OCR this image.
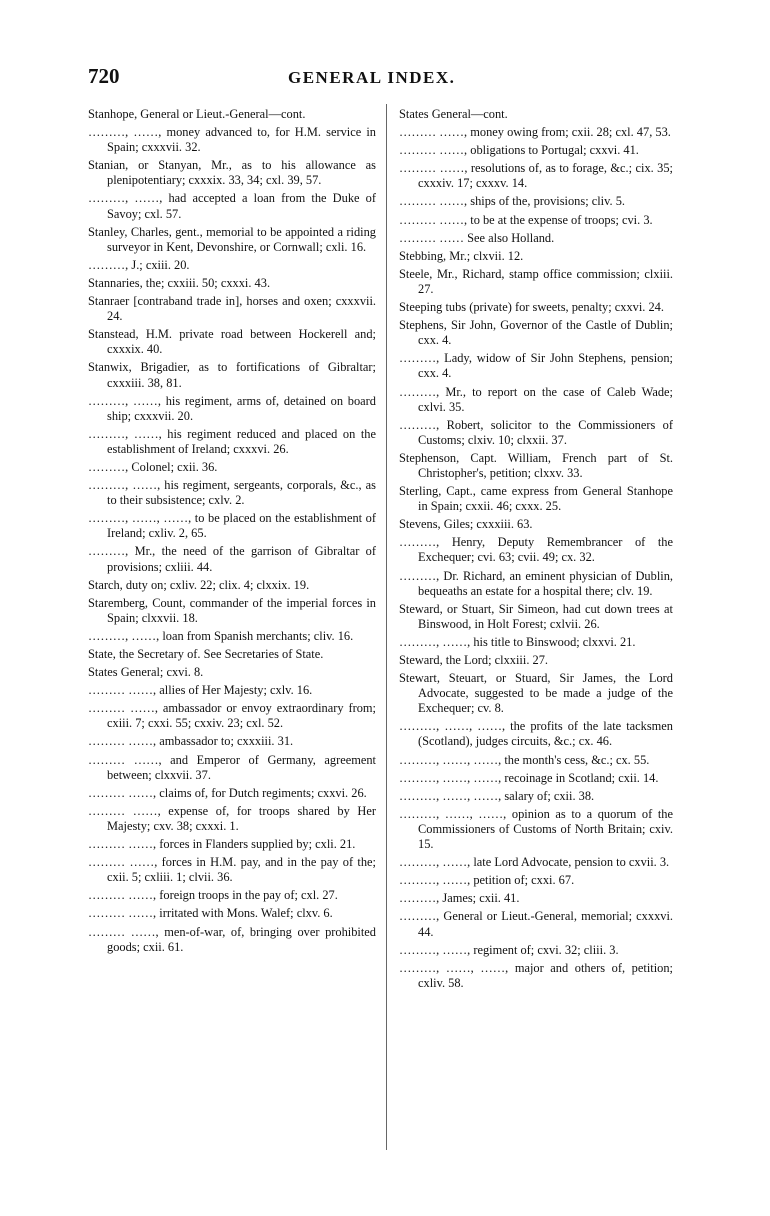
720	GENERAL INDEX.
Stanhope, General or Lieut.-General—cont.
………, ……, money advanced to, for H.M. service in Spain; cxxxvii. 32.
Stanian, or Stanyan, Mr., as to his allowance as plenipotentiary; cxxxix. 33, 34; cxl. 39, 57.
………, ……, had accepted a loan from the Duke of Savoy; cxl. 57.
Stanley, Charles, gent., memorial to be appointed a riding surveyor in Kent, Devonshire, or Cornwall; cxli. 16.
………, J.; cxiii. 20.
Stannaries, the; cxxiii. 50; cxxxi. 43.
Stanraer [contraband trade in], horses and oxen; cxxxvii. 24.
Stanstead, H.M. private road between Hockerell and; cxxxix. 40.
Stanwix, Brigadier, as to fortifications of Gibraltar; cxxxiii. 38, 81.
………, ……, his regiment, arms of, detained on board ship; cxxxvii. 20.
………, ……, his regiment reduced and placed on the establishment of Ireland; cxxxvi. 26.
………, Colonel; cxii. 36.
………, ……, his regiment, sergeants, corporals, &c., as to their subsistence; cxlv. 2.
………, ……, ……, to be placed on the establishment of Ireland; cxliv. 2, 65.
………, Mr., the need of the garrison of Gibraltar of provisions; cxliii. 44.
Starch, duty on; cxliv. 22; clix. 4; clxxix. 19.
Staremberg, Count, commander of the imperial forces in Spain; clxxvii. 18.
………, ……, loan from Spanish merchants; cliv. 16.
State, the Secretary of. See Secretaries of State.
States General; cxvi. 8.
……… ……, allies of Her Majesty; cxlv. 16.
……… ……, ambassador or envoy extraordinary from; cxiii. 7; cxxi. 55; cxxiv. 23; cxl. 52.
……… ……, ambassador to; cxxxiii. 31.
……… ……, and Emperor of Germany, agreement between; clxxvii. 37.
……… ……, claims of, for Dutch regiments; cxxvi. 26.
……… ……, expense of, for troops shared by Her Majesty; cxv. 38; cxxxi. 1.
……… ……, forces in Flanders supplied by; cxli. 21.
……… ……, forces in H.M. pay, and in the pay of the; cxii. 5; cxliii. 1; clvii. 36.
……… ……, foreign troops in the pay of; cxl. 27.
……… ……, irritated with Mons. Walef; clxv. 6.
……… ……, men-of-war, of, bringing over prohibited goods; cxii. 61.
States General—cont.
……… ……, money owing from; cxii. 28; cxl. 47, 53.
……… ……, obligations to Portugal; cxxvi. 41.
……… ……, resolutions of, as to forage, &c.; cix. 35; cxxxiv. 17; cxxxv. 14.
……… ……, ships of the, provisions; cliv. 5.
……… ……, to be at the expense of troops; cvi. 3.
……… …… See also Holland.
Stebbing, Mr.; clxvii. 12.
Steele, Mr., Richard, stamp office commission; clxiii. 27.
Steeping tubs (private) for sweets, penalty; cxxvi. 24.
Stephens, Sir John, Governor of the Castle of Dublin; cxx. 4.
………, Lady, widow of Sir John Stephens, pension; cxx. 4.
………, Mr., to report on the case of Caleb Wade; cxlvi. 35.
………, Robert, solicitor to the Commissioners of Customs; clxiv. 10; clxxii. 37.
Stephenson, Capt. William, French part of St. Christopher's, petition; clxxv. 33.
Sterling, Capt., came express from General Stanhope in Spain; cxxii. 46; cxxx. 25.
Stevens, Giles; cxxxiii. 63.
………, Henry, Deputy Remembrancer of the Exchequer; cvi. 63; cvii. 49; cx. 32.
………, Dr. Richard, an eminent physician of Dublin, bequeaths an estate for a hospital there; clv. 19.
Steward, or Stuart, Sir Simeon, had cut down trees at Binswood, in Holt Forest; cxlvii. 26.
………, ……, his title to Binswood; clxxvi. 21.
Steward, the Lord; clxxiii. 27.
Stewart, Steuart, or Stuard, Sir James, the Lord Advocate, suggested to be made a judge of the Exchequer; cv. 8.
………, ……, ……, the profits of the late tacksmen (Scotland), judges circuits, &c.; cx. 46.
………, ……, ……, the month's cess, &c.; cx. 55.
………, ……, ……, recoinage in Scotland; cxii. 14.
………, ……, ……, salary of; cxii. 38.
………, ……, ……, opinion as to a quorum of the Commissioners of Customs of North Britain; cxiv. 15.
………, ……, late Lord Advocate, pension to cxvii. 3.
………, ……, petition of; cxxi. 67.
………, James; cxii. 41.
………, General or Lieut.-General, memorial; cxxxvi. 44.
………, ……, regiment of; cxvi. 32; cliii. 3.
………, ……, ……, major and others of, petition; cxliv. 58.
